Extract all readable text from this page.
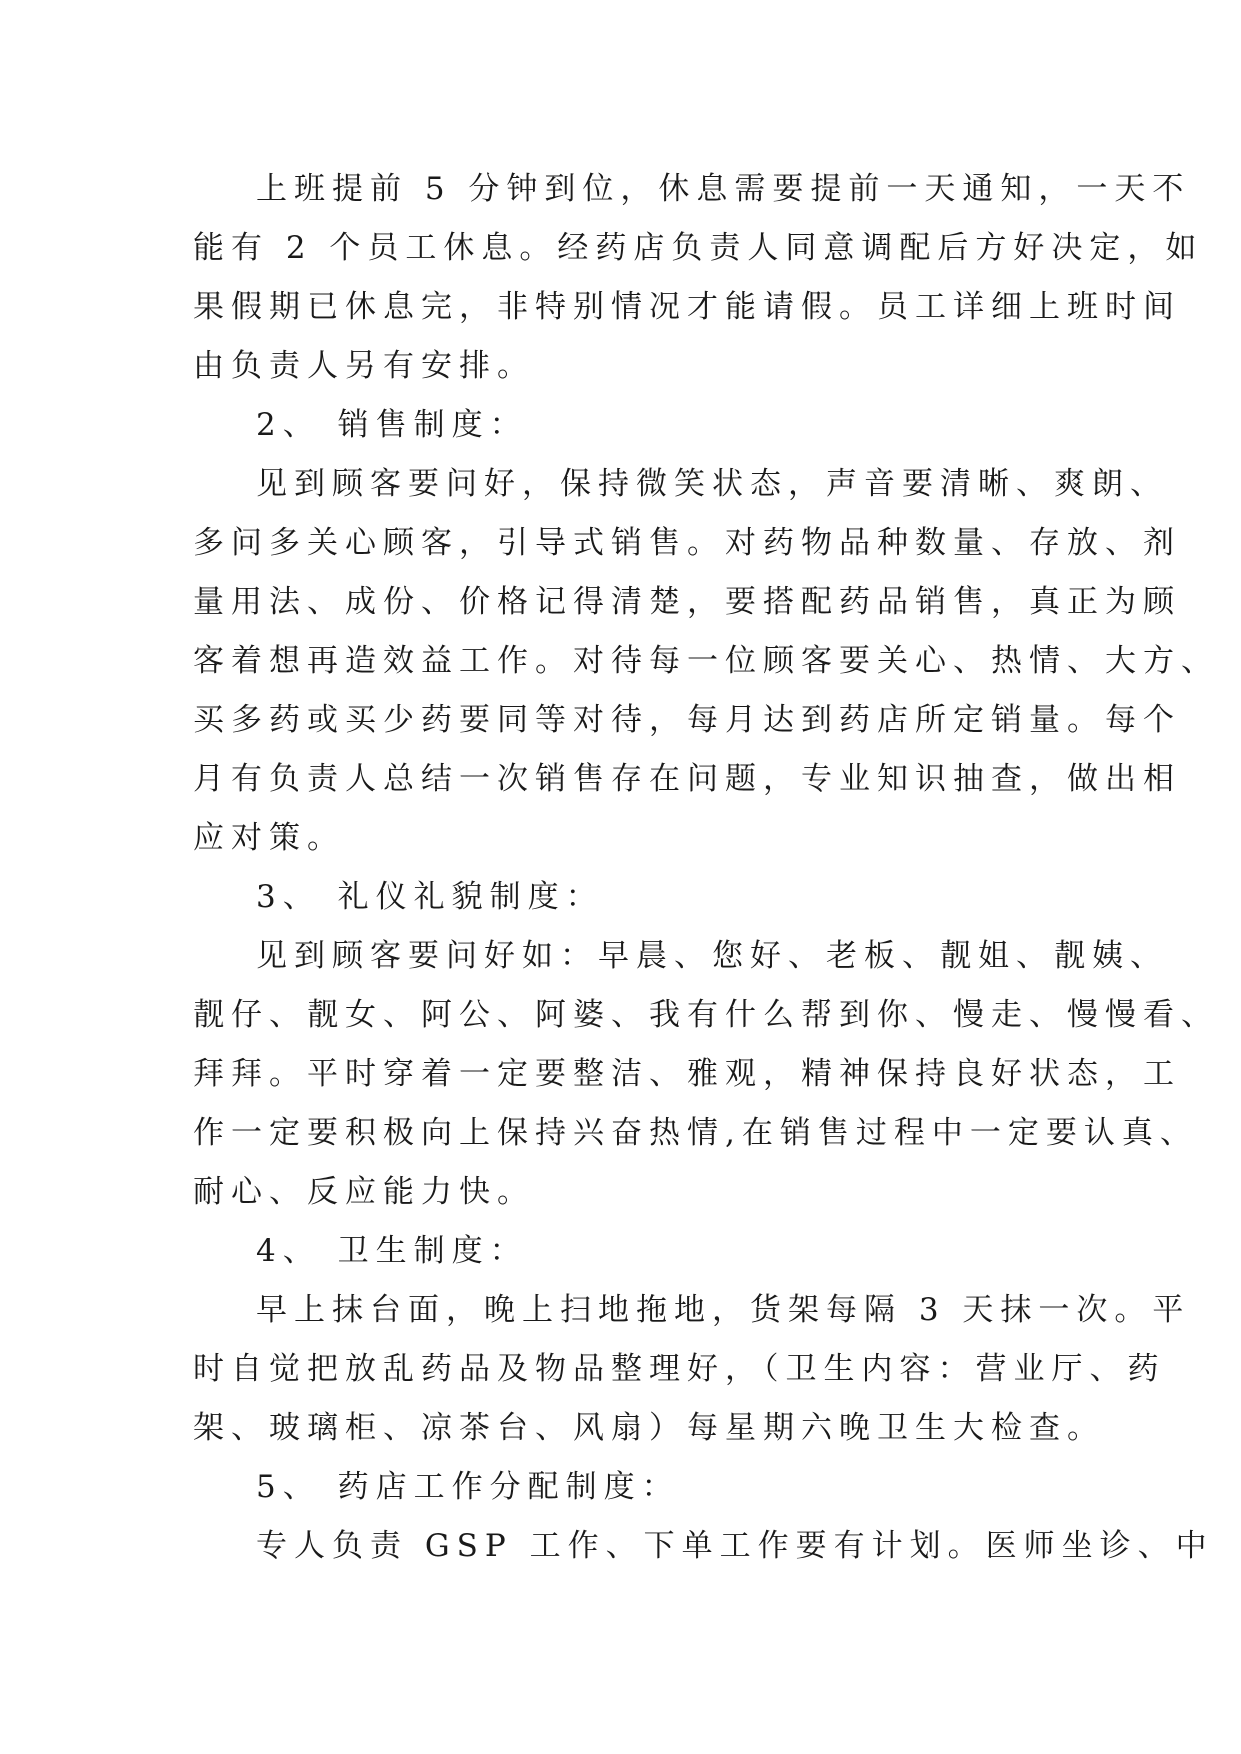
上班提前 5 分钟到位，休息需要提前一天通知，一天不
能有 2 个员工休息。经药店负责人同意调配后方好决定，如
果假期已休息完，非特别情况才能请假。员工详细上班时间
由负责人另有安排。
2、 销售制度：
见到顾客要问好，保持微笑状态，声音要清晰、爽朗、
多问多关心顾客，引导式销售。对药物品种数量、存放、剂
量用法、成份、价格记得清楚，要搭配药品销售，真正为顾
客着想再造效益工作。对待每一位顾客要关心、热情、大方、
买多药或买少药要同等对待，每月达到药店所定销量。每个
月有负责人总结一次销售存在问题，专业知识抽查，做出相
应对策。
3、 礼仪礼貌制度：
见到顾客要问好如：早晨、您好、老板、靓姐、靓姨、
靓仔、靓女、阿公、阿婆、我有什么帮到你、慢走、慢慢看、
拜拜。平时穿着一定要整洁、雅观，精神保持良好状态，工
作一定要积极向上保持兴奋热情,在销售过程中一定要认真、
耐心、反应能力快。
4、 卫生制度：
早上抹台面，晚上扫地拖地，货架每隔 3 天抹一次。平
时自觉把放乱药品及物品整理好，（卫生内容：营业厅、药
架、玻璃柜、凉茶台、风扇）每星期六晚卫生大检查。
5、 药店工作分配制度：
专人负责 GSP 工作、下单工作要有计划。医师坐诊、中
